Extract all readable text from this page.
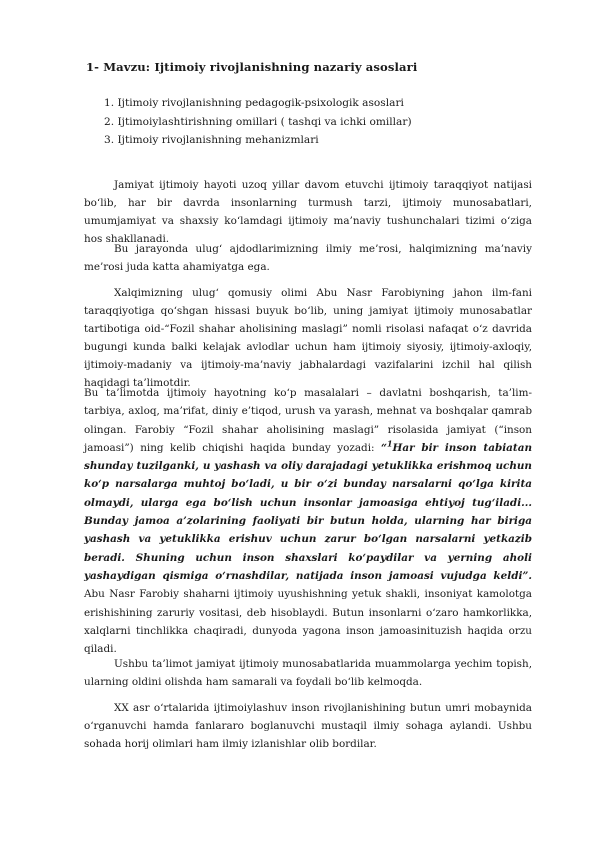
1- Mavzu: Ijtimoiy rivojlanishning nazariy asoslari
1. Ijtimoiy rivojlanishning pedagogik-psixologik asoslari
2. Ijtimoiylashtirishning omillari ( tashqi va ichki omillar)
3. Ijtimoiy rivojlanishning mehanizmlari

Jamiyat ijtimoiy hayoti uzoq yillar davom etuvchi ijtimoiy taraqqiyot natijasi bo‘lib, har bir davrda insonlarning turmush tarzi, ijtimoiy munosabatlari, umumjamiyat va shaxsiy ko‘lamdagi ijtimoiy ma’naviy tushunchalari tizimi o‘ziga hos shakllanadi.

Bu jarayonda ulug‘ ajdodlarimizning ilmiy me’rosi, halqimizning ma’naviy me’rosi juda katta ahamiyatga ega.

Xalqimizning ulug‘ qomusiy olimi Abu Nasr Farobiyning jahon ilm-fani taraqqiyotiga qo‘shgan hissasi buyuk bo‘lib, uning jamiyat ijtimoiy munosabatlar tartibotiga oid-“Fozil shahar aholisining maslagi” nomli risolasi nafaqat o‘z davrida bugungi kunda balki kelajak avlodlar uchun ham ijtimoiy siyosiy, ijtimoiy-axloqiy, ijtimoiy-madaniy va ijtimoiy-ma’naviy jabhalardagi vazifalarini izchil hal qilish haqidagi ta’limotdir.

Bu ta’limotda ijtimoiy hayotning ko‘p masalalari – davlatni boshqarish, ta’lim-tarbiya, axloq, ma’rifat, diniy e’tiqod, urush va yarash, mehnat va boshqalar qamrab olingan. Farobiy “Fozil shahar aholisining maslagi” risolasida jamiyat (“inson jamoasi”) ning kelib chiqishi haqida bunday yozadi: “$^1$Har bir inson tabiatan shunday tuzilganki, u yashash va oliy darajadagi yetuklikka erishmoq uchun ko‘p narsalarga muhtoj bo‘ladi, u bir o‘zi bunday narsalarni qo‘lga kirita olmaydi, ularga ega bo‘lish uchun insonlar jamoasiga ehtiyoj tug‘iladi... Bunday jamoa a’zolarining faoliyati bir butun holda, ularning har biriga yashash va yetuklikka erishuv uchun zarur bo‘lgan narsalarni yetkazib beradi. Shuning uchun inson shaxslari ko‘paydilar va yerning aholi yashaydigan qismiga o‘rnashdilar, natijada inson jamoasi vujudga keldi”. Abu Nasr Farobiy shaharni ijtimoiy uyushishning yetuk shakli, insoniyat kamolotga erishishining zaruriy vositasi, deb hisoblaydi. Butun insonlarni o‘zaro hamkorlikka, xalqlarni tinchlikka chaqiradi, dunyoda yagona inson jamoasinituzish haqida orzu qiladi.

Ushbu ta’limot jamiyat ijtimoiy munosabatlarida muammolarga yechim topish, ularning oldini olishda ham samarali va foydali bo‘lib kelmoqda.

XX asr o‘rtalarida ijtimoiylashuv inson rivojlanishining butun umri mobaynida o‘rganuvchi hamda fanlararo boglanuvchi mustaqil ilmiy sohaga aylandi. Ushbu sohada horij olimlari ham ilmiy izlanishlar olib bordilar.
